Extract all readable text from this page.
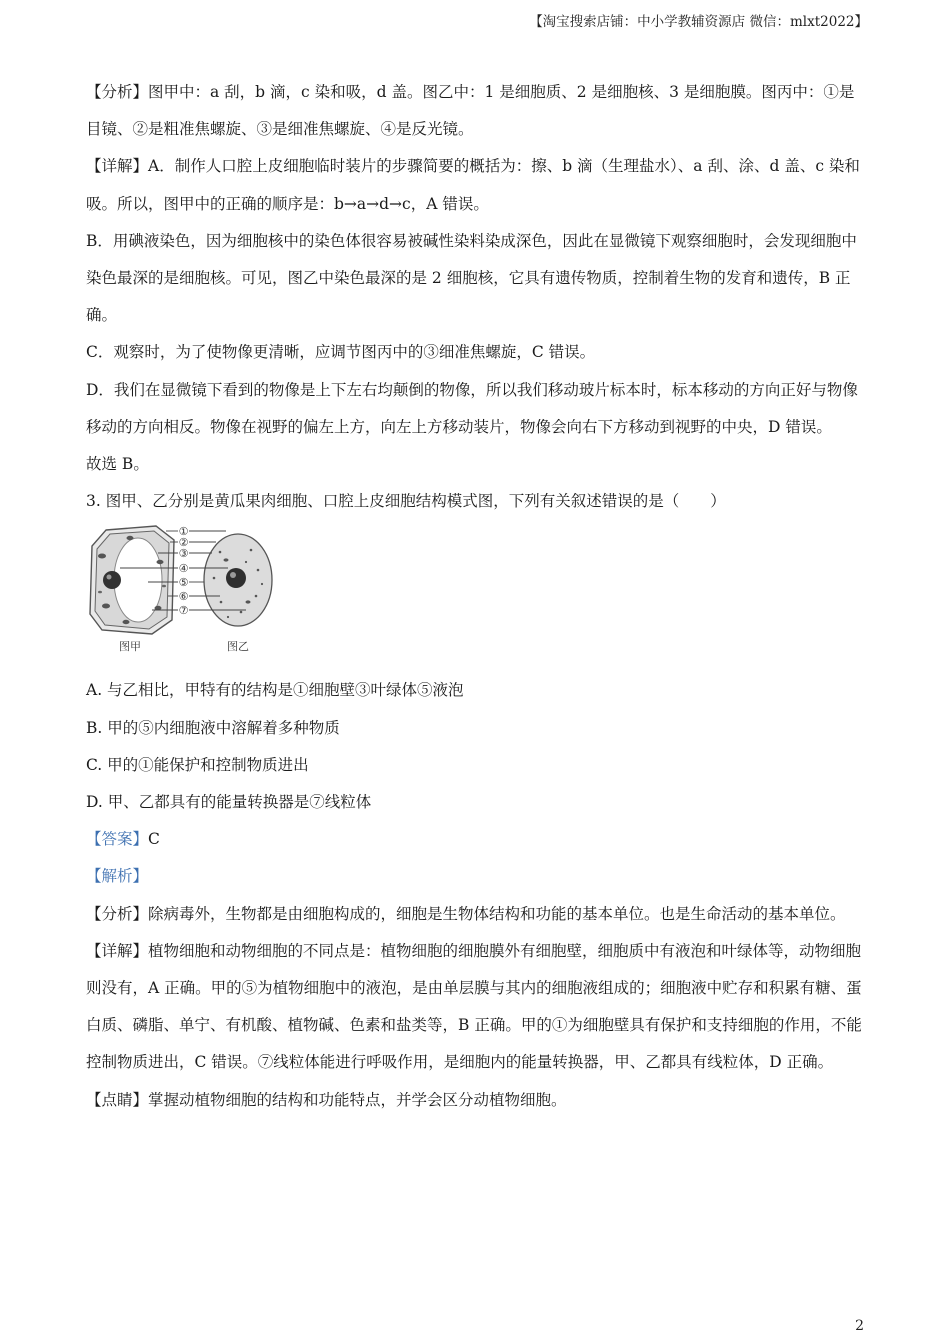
【淘宝搜索店铺：中小学教辅资源店 微信：mlxt2022】

【分析】图甲中：a 刮，b 滴，c 染和吸，d 盖。图乙中：1 是细胞质、2 是细胞核、3 是细胞膜。图丙中：①是目镜、②是粗准焦螺旋、③是细准焦螺旋、④是反光镜。

【详解】A．制作人口腔上皮细胞临时装片的步骤简要的概括为：擦、b 滴（生理盐水）、a 刮、涂、d 盖、c 染和吸。所以，图甲中的正确的顺序是：b→a→d→c，A 错误。

B．用碘液染色，因为细胞核中的染色体很容易被碱性染料染成深色，因此在显微镜下观察细胞时，会发现细胞中染色最深的是细胞核。可见，图乙中染色最深的是 2 细胞核，它具有遗传物质，控制着生物的发育和遗传，B 正确。

C．观察时，为了使物像更清晰，应调节图丙中的③细准焦螺旋，C 错误。

D．我们在显微镜下看到的物像是上下左右均颠倒的物像，所以我们移动玻片标本时，标本移动的方向正好与物像移动的方向相反。物像在视野的偏左上方，向左上方移动装片，物像会向右下方移动到视野的中央，D 错误。

故选 B。

3. 图甲、乙分别是黄瓜果肉细胞、口腔上皮细胞结构模式图，下列有关叙述错误的是（　　）

①
②
③
④
⑤
⑥
⑦
图甲	图乙

A. 与乙相比，甲特有的结构是①细胞壁③叶绿体⑤液泡

B. 甲的⑤内细胞液中溶解着多种物质

C. 甲的①能保护和控制物质进出

D. 甲、乙都具有的能量转换器是⑦线粒体

【答案】C

【解析】

【分析】除病毒外，生物都是由细胞构成的，细胞是生物体结构和功能的基本单位。也是生命活动的基本单位。

【详解】植物细胞和动物细胞的不同点是：植物细胞的细胞膜外有细胞壁，细胞质中有液泡和叶绿体等，动物细胞则没有，A 正确。甲的⑤为植物细胞中的液泡，是由单层膜与其内的细胞液组成的；细胞液中贮存和积累有糖、蛋白质、磷脂、单宁、有机酸、植物碱、色素和盐类等，B 正确。甲的①为细胞壁具有保护和支持细胞的作用，不能控制物质进出，C 错误。⑦线粒体能进行呼吸作用，是细胞内的能量转换器，甲、乙都具有线粒体，D 正确。

【点睛】掌握动植物细胞的结构和功能特点，并学会区分动植物细胞。

2
